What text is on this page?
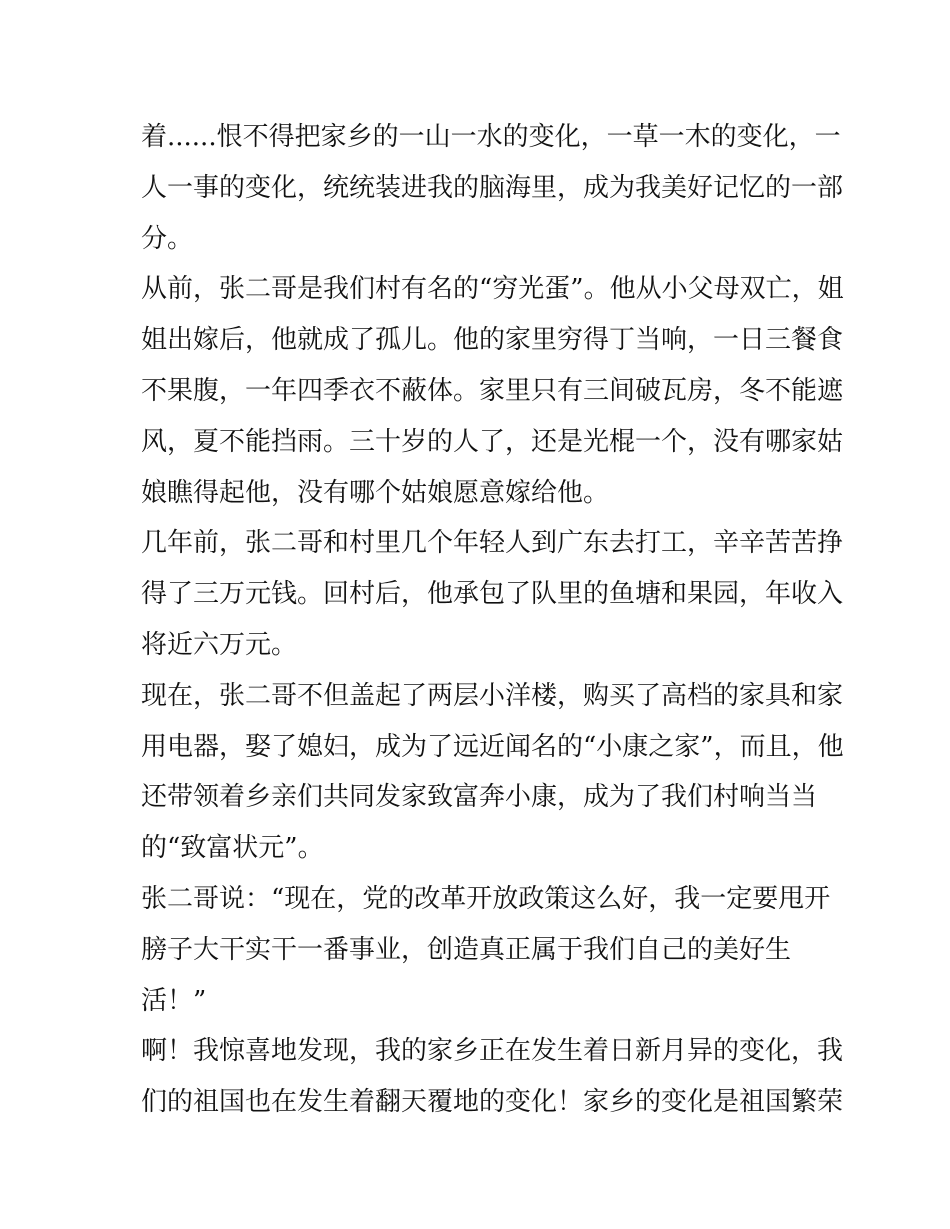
着......恨不得把家乡的一山一水的变化，一草一木的变化，一
人一事的变化，统统装进我的脑海里，成为我美好记忆的一部
分。
从前，张二哥是我们村有名的“穷光蛋”。他从小父母双亡，姐
姐出嫁后，他就成了孤儿。他的家里穷得丁当响，一日三餐食
不果腹，一年四季衣不蔽体。家里只有三间破瓦房，冬不能遮
风，夏不能挡雨。三十岁的人了，还是光棍一个，没有哪家姑
娘瞧得起他，没有哪个姑娘愿意嫁给他。
几年前，张二哥和村里几个年轻人到广东去打工，辛辛苦苦挣
得了三万元钱。回村后，他承包了队里的鱼塘和果园，年收入
将近六万元。
现在，张二哥不但盖起了两层小洋楼，购买了高档的家具和家
用电器，娶了媳妇，成为了远近闻名的“小康之家”，而且，他
还带领着乡亲们共同发家致富奔小康，成为了我们村响当当
的“致富状元”。
张二哥说：“现在，党的改革开放政策这么好，我一定要甩开
膀子大干实干一番事业，创造真正属于我们自己的美好生
活！”
啊！我惊喜地发现，我的家乡正在发生着日新月异的变化，我
们的祖国也在发生着翻天覆地的变化！家乡的变化是祖国繁荣
